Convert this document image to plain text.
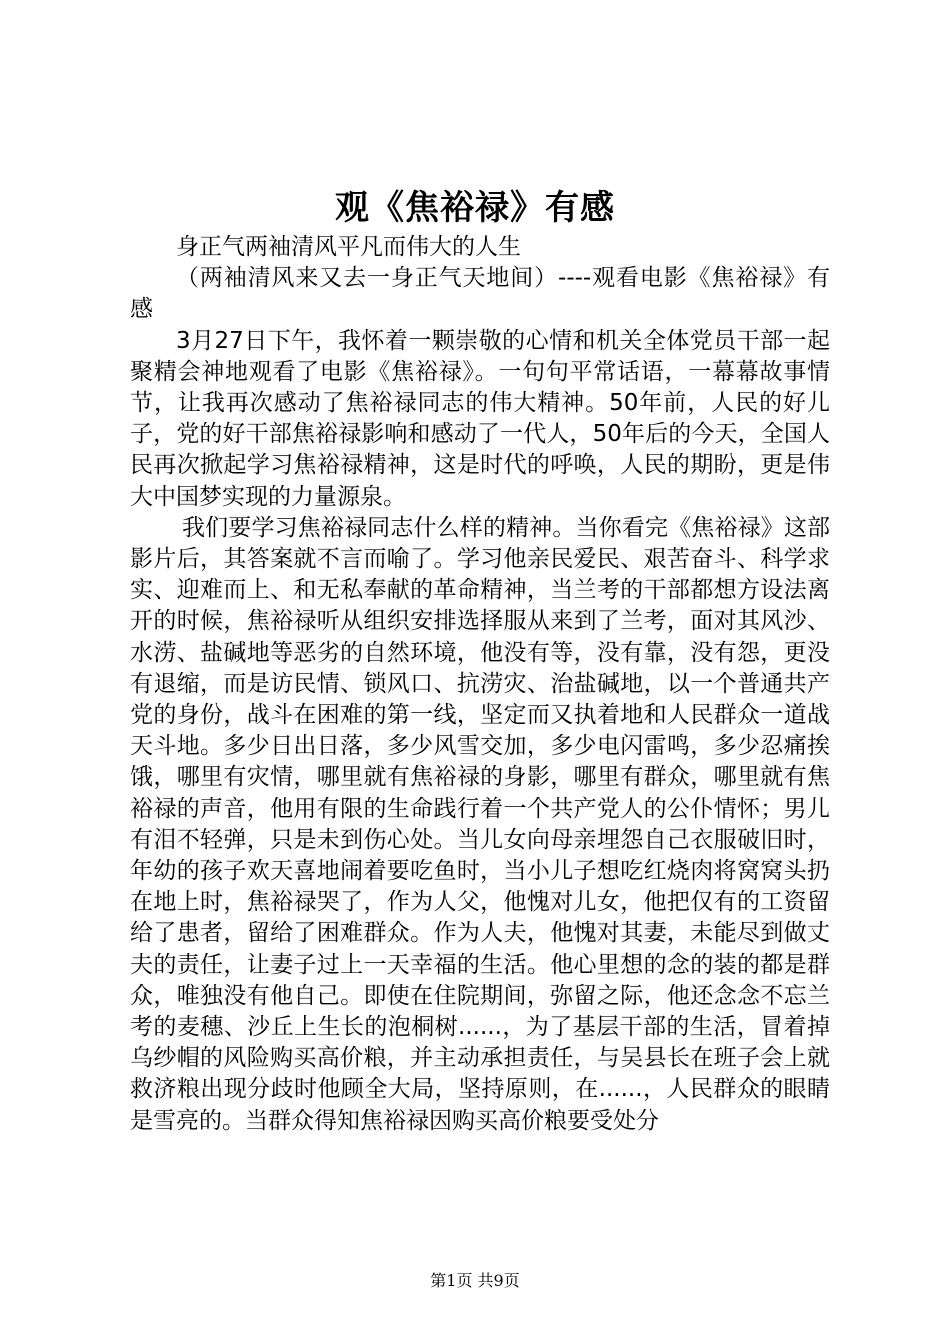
观《焦裕禄》有感

身正气两袖清风平凡而伟大的人生

（两袖清风来又去一身正气天地间）----观看电影《焦裕禄》有感

3月27日下午，我怀着一颗崇敬的心情和机关全体党员干部一起聚精会神地观看了电影《焦裕禄》。一句句平常话语，一幕幕故事情节，让我再次感动了焦裕禄同志的伟大精神。50年前，人民的好儿子，党的好干部焦裕禄影响和感动了一代人，50年后的今天，全国人民再次掀起学习焦裕禄精神，这是时代的呼唤，人民的期盼，更是伟大中国梦实现的力量源泉。

我们要学习焦裕禄同志什么样的精神。当你看完《焦裕禄》这部影片后，其答案就不言而喻了。学习他亲民爱民、艰苦奋斗、科学求实、迎难而上、和无私奉献的革命精神，当兰考的干部都想方设法离开的时候，焦裕禄听从组织安排选择服从来到了兰考，面对其风沙、水涝、盐碱地等恶劣的自然环境，他没有等，没有靠，没有怨，更没有退缩，而是访民情、锁风口、抗涝灾、治盐碱地，以一个普通共产党的身份，战斗在困难的第一线，坚定而又执着地和人民群众一道战天斗地。多少日出日落，多少风雪交加，多少电闪雷鸣，多少忍痛挨饿，哪里有灾情，哪里就有焦裕禄的身影，哪里有群众，哪里就有焦裕禄的声音，他用有限的生命践行着一个共产党人的公仆情怀；男儿有泪不轻弹，只是未到伤心处。当儿女向母亲埋怨自己衣服破旧时，年幼的孩子欢天喜地闹着要吃鱼时，当小儿子想吃红烧肉将窝窝头扔在地上时，焦裕禄哭了，作为人父，他愧对儿女，他把仅有的工资留给了患者，留给了困难群众。作为人夫，他愧对其妻，未能尽到做丈夫的责任，让妻子过上一天幸福的生活。他心里想的念的装的都是群众，唯独没有他自己。即使在住院期间，弥留之际，他还念念不忘兰考的麦穗、沙丘上生长的泡桐树......，为了基层干部的生活，冒着掉乌纱帽的风险购买高价粮，并主动承担责任，与吴县长在班子会上就救济粮出现分歧时他顾全大局，坚持原则，在......，人民群众的眼睛是雪亮的。当群众得知焦裕禄因购买高价粮要受处分

第1页 共9页
